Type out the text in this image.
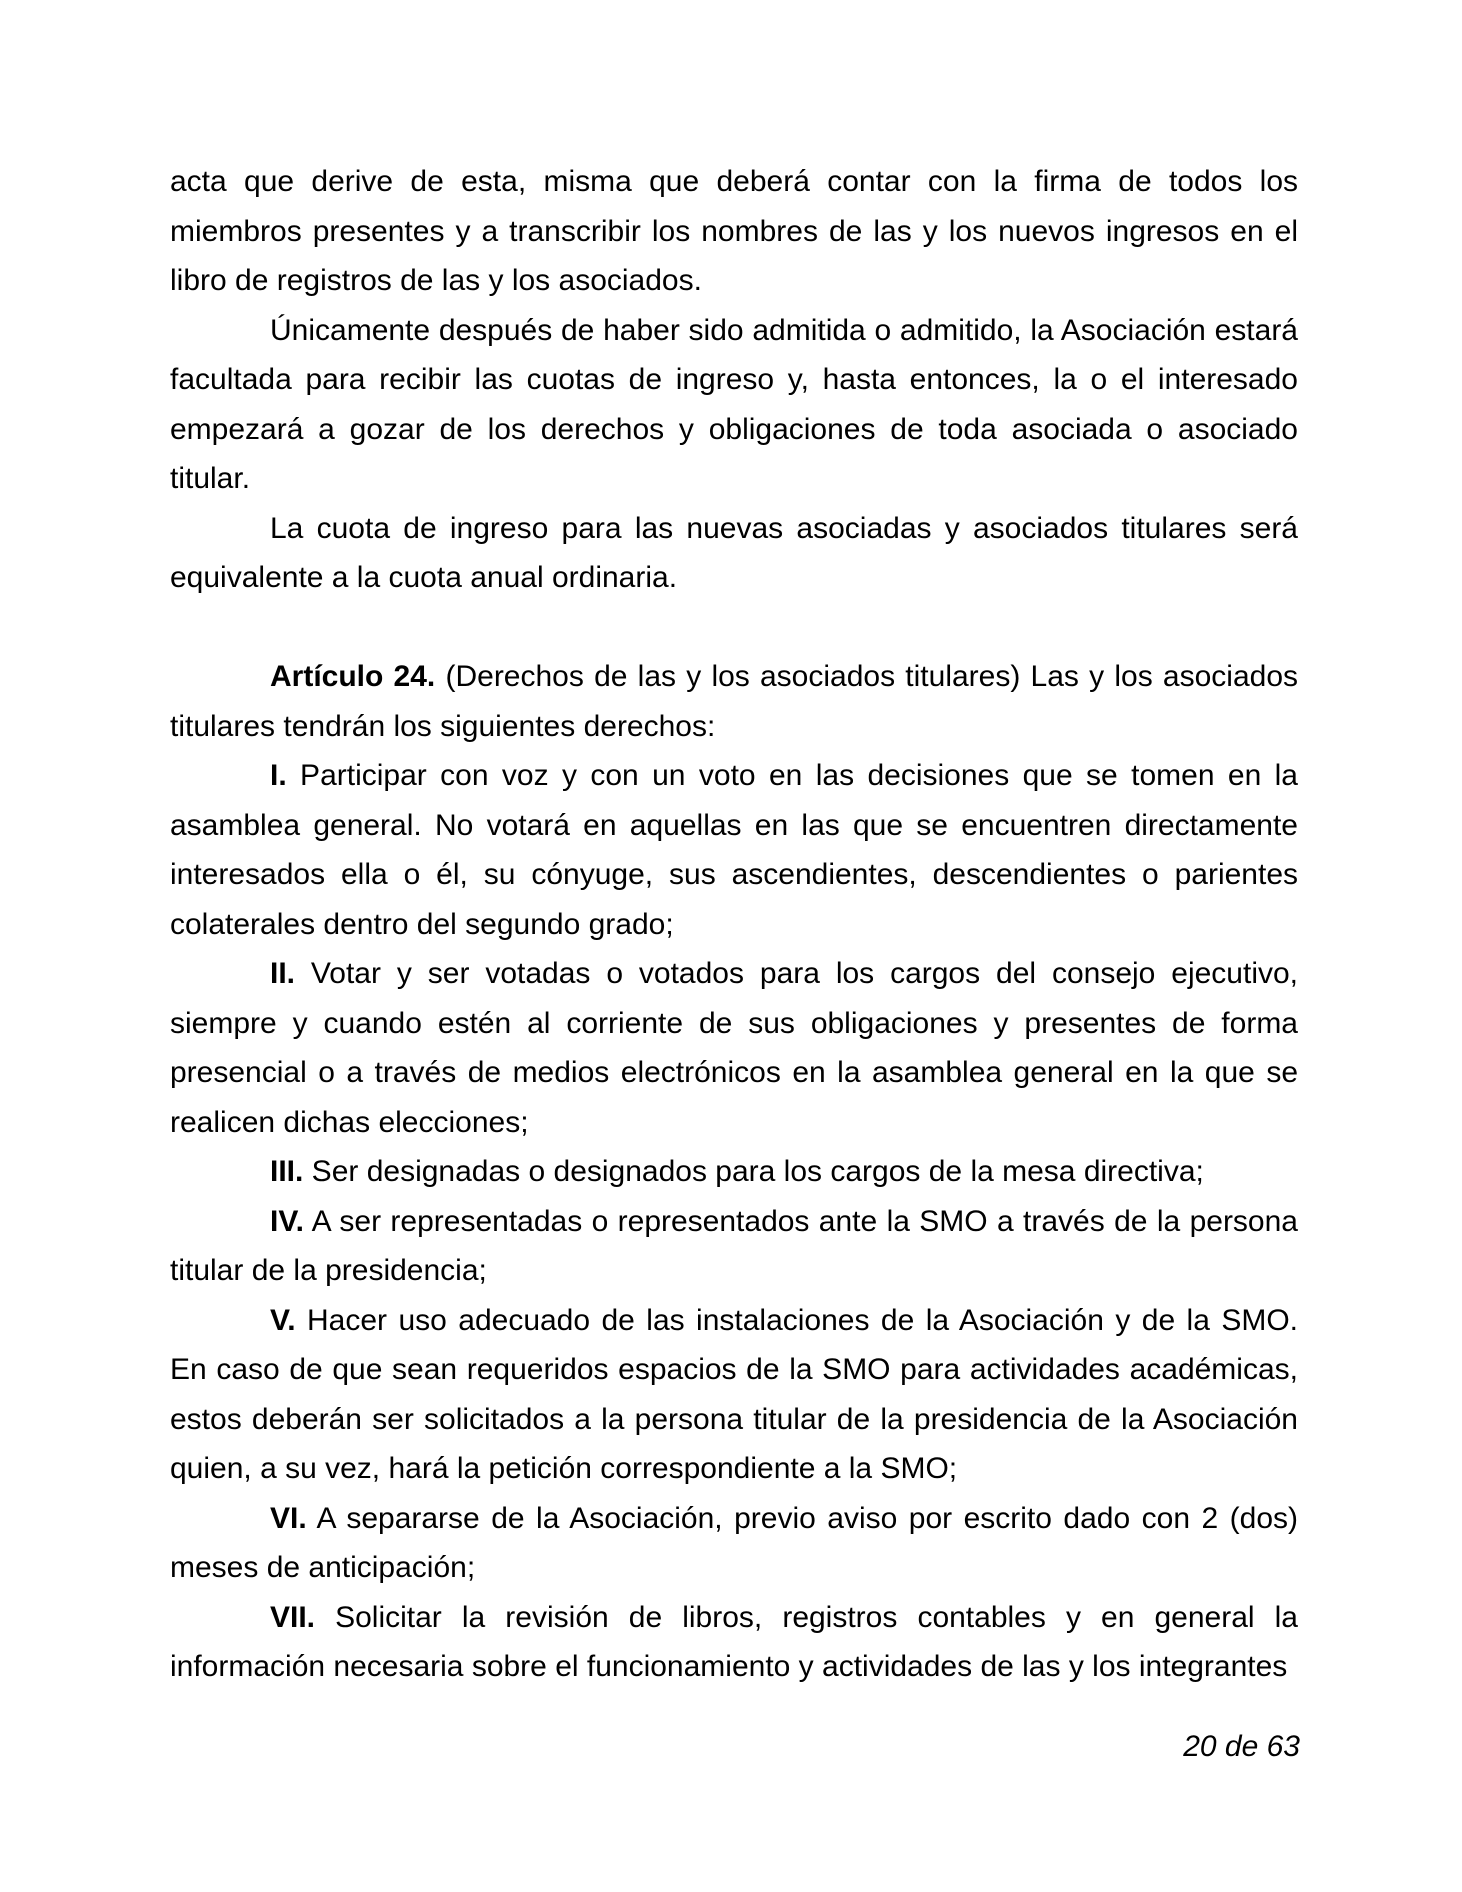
acta que derive de esta, misma que deberá contar con la firma de todos los miembros presentes y a transcribir los nombres de las y los nuevos ingresos en el libro de registros de las y los asociados.

Únicamente después de haber sido admitida o admitido, la Asociación estará facultada para recibir las cuotas de ingreso y, hasta entonces, la o el interesado empezará a gozar de los derechos y obligaciones de toda asociada o asociado titular.

La cuota de ingreso para las nuevas asociadas y asociados titulares será equivalente a la cuota anual ordinaria.

Artículo 24. (Derechos de las y los asociados titulares) Las y los asociados titulares tendrán los siguientes derechos:

I. Participar con voz y con un voto en las decisiones que se tomen en la asamblea general. No votará en aquellas en las que se encuentren directamente interesados ella o él, su cónyuge, sus ascendientes, descendientes o parientes colaterales dentro del segundo grado;

II. Votar y ser votadas o votados para los cargos del consejo ejecutivo, siempre y cuando estén al corriente de sus obligaciones y presentes de forma presencial o a través de medios electrónicos en la asamblea general en la que se realicen dichas elecciones;

III. Ser designadas o designados para los cargos de la mesa directiva;

IV. A ser representadas o representados ante la SMO a través de la persona titular de la presidencia;

V. Hacer uso adecuado de las instalaciones de la Asociación y de la SMO. En caso de que sean requeridos espacios de la SMO para actividades académicas, estos deberán ser solicitados a la persona titular de la presidencia de la Asociación quien, a su vez, hará la petición correspondiente a la SMO;

VI. A separarse de la Asociación, previo aviso por escrito dado con 2 (dos) meses de anticipación;

VII. Solicitar la revisión de libros, registros contables y en general la información necesaria sobre el funcionamiento y actividades de las y los integrantes

20 de 63
